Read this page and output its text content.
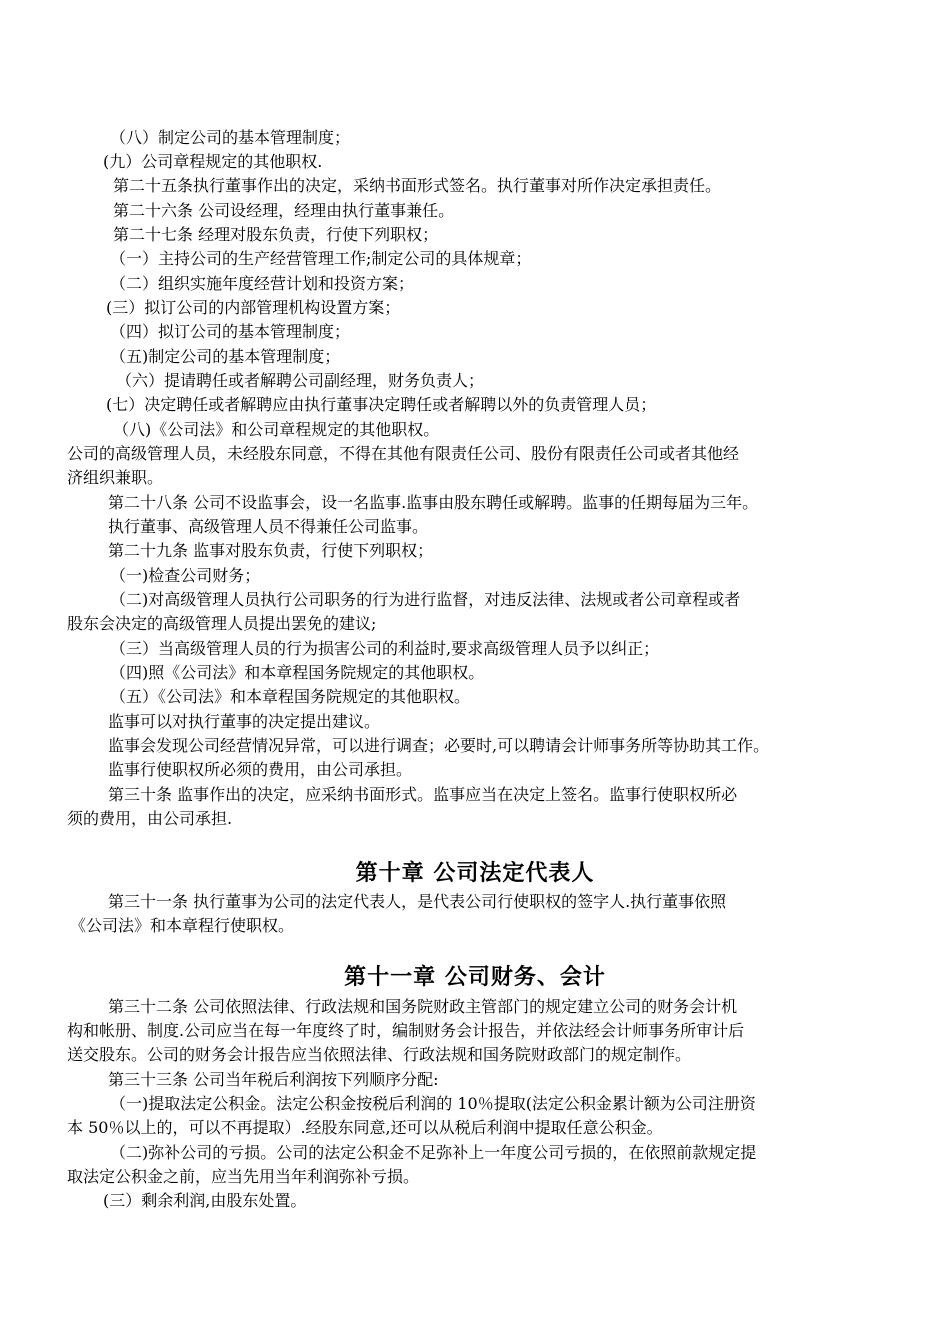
（八）制定公司的基本管理制度；
(九）公司章程规定的其他职权.
第二十五条执行董事作出的决定，采纳书面形式签名。执行董事对所作决定承担责任。
第二十六条 公司设经理，经理由执行董事兼任。
第二十七条 经理对股东负责，行使下列职权；
（一）主持公司的生产经营管理工作;制定公司的具体规章；
（二）组织实施年度经营计划和投资方案；
(三）拟订公司的内部管理机构设置方案；
（四）拟订公司的基本管理制度；
（五)制定公司的基本管理制度；
（六）提请聘任或者解聘公司副经理，财务负责人；
(七）决定聘任或者解聘应由执行董事决定聘任或者解聘以外的负责管理人员；
（八)《公司法》和公司章程规定的其他职权。
公司的高级管理人员，未经股东同意，不得在其他有限责任公司、股份有限责任公司或者其他经
济组织兼职。
第二十八条 公司不设监事会，设一名监事.监事由股东聘任或解聘。监事的任期每届为三年。
执行董事、高级管理人员不得兼任公司监事。
第二十九条 监事对股东负责，行使下列职权；
（一)检查公司财务；
（二)对高级管理人员执行公司职务的行为进行监督，对违反法律、法规或者公司章程或者
股东会决定的高级管理人员提出罢免的建议;
（三）当高级管理人员的行为损害公司的利益时,要求高级管理人员予以纠正；
（四)照《公司法》和本章程国务院规定的其他职权。
（五）《公司法》和本章程国务院规定的其他职权。
监事可以对执行董事的决定提出建议。
监事会发现公司经营情况异常，可以进行调查；必要时,可以聘请会计师事务所等协助其工作。
监事行使职权所必须的费用，由公司承担。
第三十条 监事作出的决定，应采纳书面形式。监事应当在决定上签名。监事行使职权所必
须的费用，由公司承担.
第十章 公司法定代表人
第三十一条 执行董事为公司的法定代表人，是代表公司行使职权的签字人.执行董事依照
《公司法》和本章程行使职权。
第十一章 公司财务、会计
第三十二条 公司依照法律、行政法规和国务院财政主管部门的规定建立公司的财务会计机
构和帐册、制度.公司应当在每一年度终了时，编制财务会计报告，并依法经会计师事务所审计后
送交股东。公司的财务会计报告应当依照法律、行政法规和国务院财政部门的规定制作。
第三十三条 公司当年税后利润按下列顺序分配:
（一)提取法定公积金。法定公积金按税后利润的 10％提取(法定公积金累计额为公司注册资
本 50％以上的，可以不再提取）.经股东同意,还可以从税后利润中提取任意公积金。
（二)弥补公司的亏损。公司的法定公积金不足弥补上一年度公司亏损的，在依照前款规定提
取法定公积金之前，应当先用当年利润弥补亏损。
(三）剩余利润,由股东处置。
